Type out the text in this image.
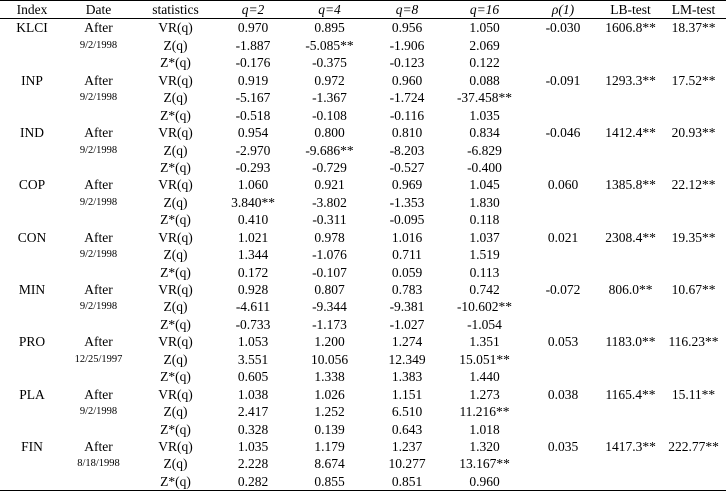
Index	Date	statistics	q=2	q=4	q=8	q=16	ρ(1)	LB-test	LM-test
KLCI	After	VR(q)	0.970	0.895	0.956	1.050	-0.030	1606.8**	18.37**
	9/2/1998	Z(q)	-1.887	-5.085**	-1.906	2.069			
		Z*(q)	-0.176	-0.375	-0.123	0.122			
INP	After	VR(q)	0.919	0.972	0.960	0.088	-0.091	1293.3**	17.52**
	9/2/1998	Z(q)	-5.167	-1.367	-1.724	-37.458**			
		Z*(q)	-0.518	-0.108	-0.116	1.035			
IND	After	VR(q)	0.954	0.800	0.810	0.834	-0.046	1412.4**	20.93**
	9/2/1998	Z(q)	-2.970	-9.686**	-8.203	-6.829			
		Z*(q)	-0.293	-0.729	-0.527	-0.400			
COP	After	VR(q)	1.060	0.921	0.969	1.045	0.060	1385.8**	22.12**
	9/2/1998	Z(q)	3.840**	-3.802	-1.353	1.830			
		Z*(q)	0.410	-0.311	-0.095	0.118			
CON	After	VR(q)	1.021	0.978	1.016	1.037	0.021	2308.4**	19.35**
	9/2/1998	Z(q)	1.344	-1.076	0.711	1.519			
		Z*(q)	0.172	-0.107	0.059	0.113			
MIN	After	VR(q)	0.928	0.807	0.783	0.742	-0.072	806.0**	10.67**
	9/2/1998	Z(q)	-4.611	-9.344	-9.381	-10.602**			
		Z*(q)	-0.733	-1.173	-1.027	-1.054			
PRO	After	VR(q)	1.053	1.200	1.274	1.351	0.053	1183.0**	116.23**
	12/25/1997	Z(q)	3.551	10.056	12.349	15.051**			
		Z*(q)	0.605	1.338	1.383	1.440			
PLA	After	VR(q)	1.038	1.026	1.151	1.273	0.038	1165.4**	15.11**
	9/2/1998	Z(q)	2.417	1.252	6.510	11.216**			
		Z*(q)	0.328	0.139	0.643	1.018			
FIN	After	VR(q)	1.035	1.179	1.237	1.320	0.035	1417.3**	222.77**
	8/18/1998	Z(q)	2.228	8.674	10.277	13.167**			
		Z*(q)	0.282	0.855	0.851	0.960			
